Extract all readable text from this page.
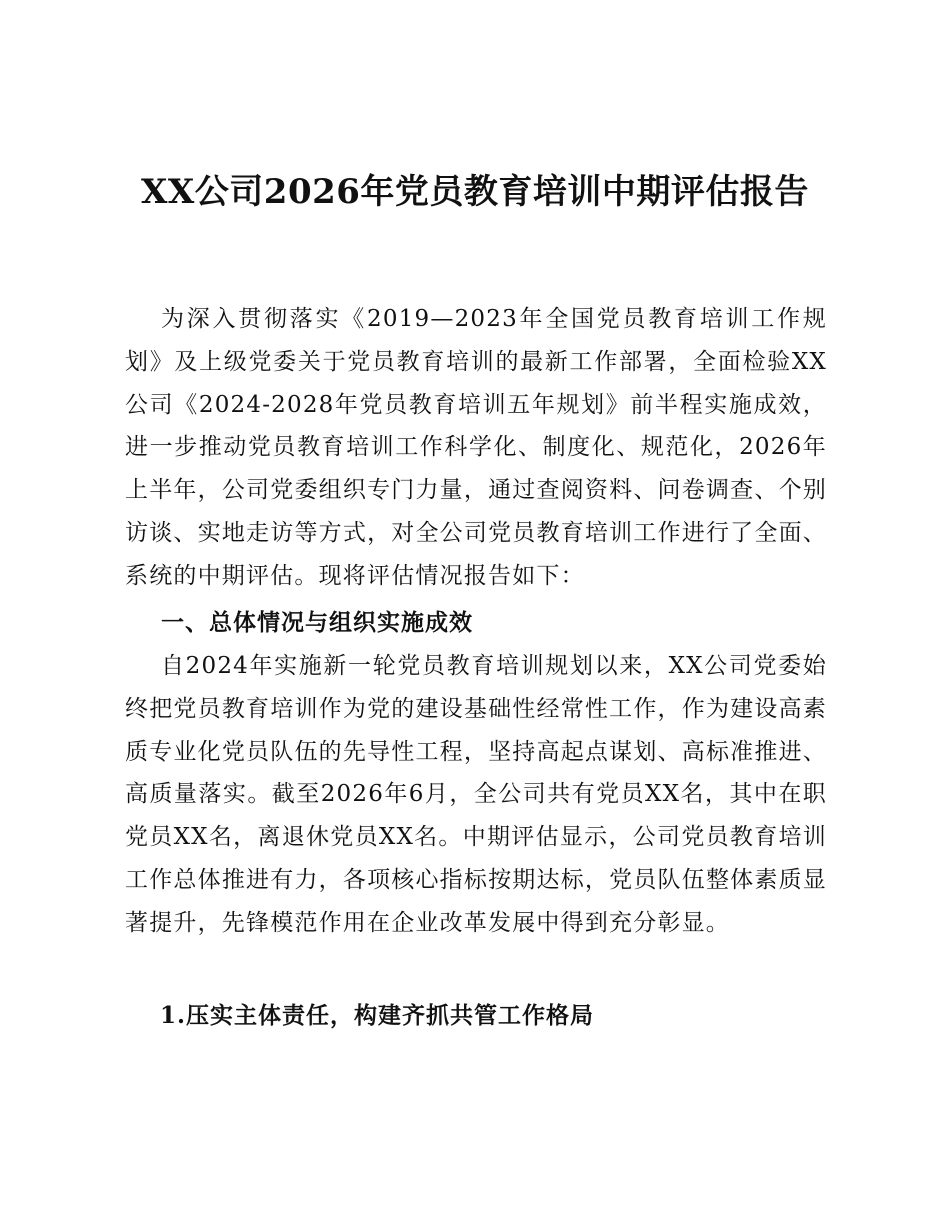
XX公司2026年党员教育培训中期评估报告

为深入贯彻落实《2019—2023年全国党员教育培训工作规划》及上级党委关于党员教育培训的最新工作部署，全面检验XX公司《2024-2028年党员教育培训五年规划》前半程实施成效，进一步推动党员教育培训工作科学化、制度化、规范化，2026年上半年，公司党委组织专门力量，通过查阅资料、问卷调查、个别访谈、实地走访等方式，对全公司党员教育培训工作进行了全面、系统的中期评估。现将评估情况报告如下：

一、总体情况与组织实施成效

自2024年实施新一轮党员教育培训规划以来，XX公司党委始终把党员教育培训作为党的建设基础性经常性工作，作为建设高素质专业化党员队伍的先导性工程，坚持高起点谋划、高标准推进、高质量落实。截至2026年6月，全公司共有党员XX名，其中在职党员XX名，离退休党员XX名。中期评估显示，公司党员教育培训工作总体推进有力，各项核心指标按期达标，党员队伍整体素质显著提升，先锋模范作用在企业改革发展中得到充分彰显。

1.压实主体责任，构建齐抓共管工作格局
